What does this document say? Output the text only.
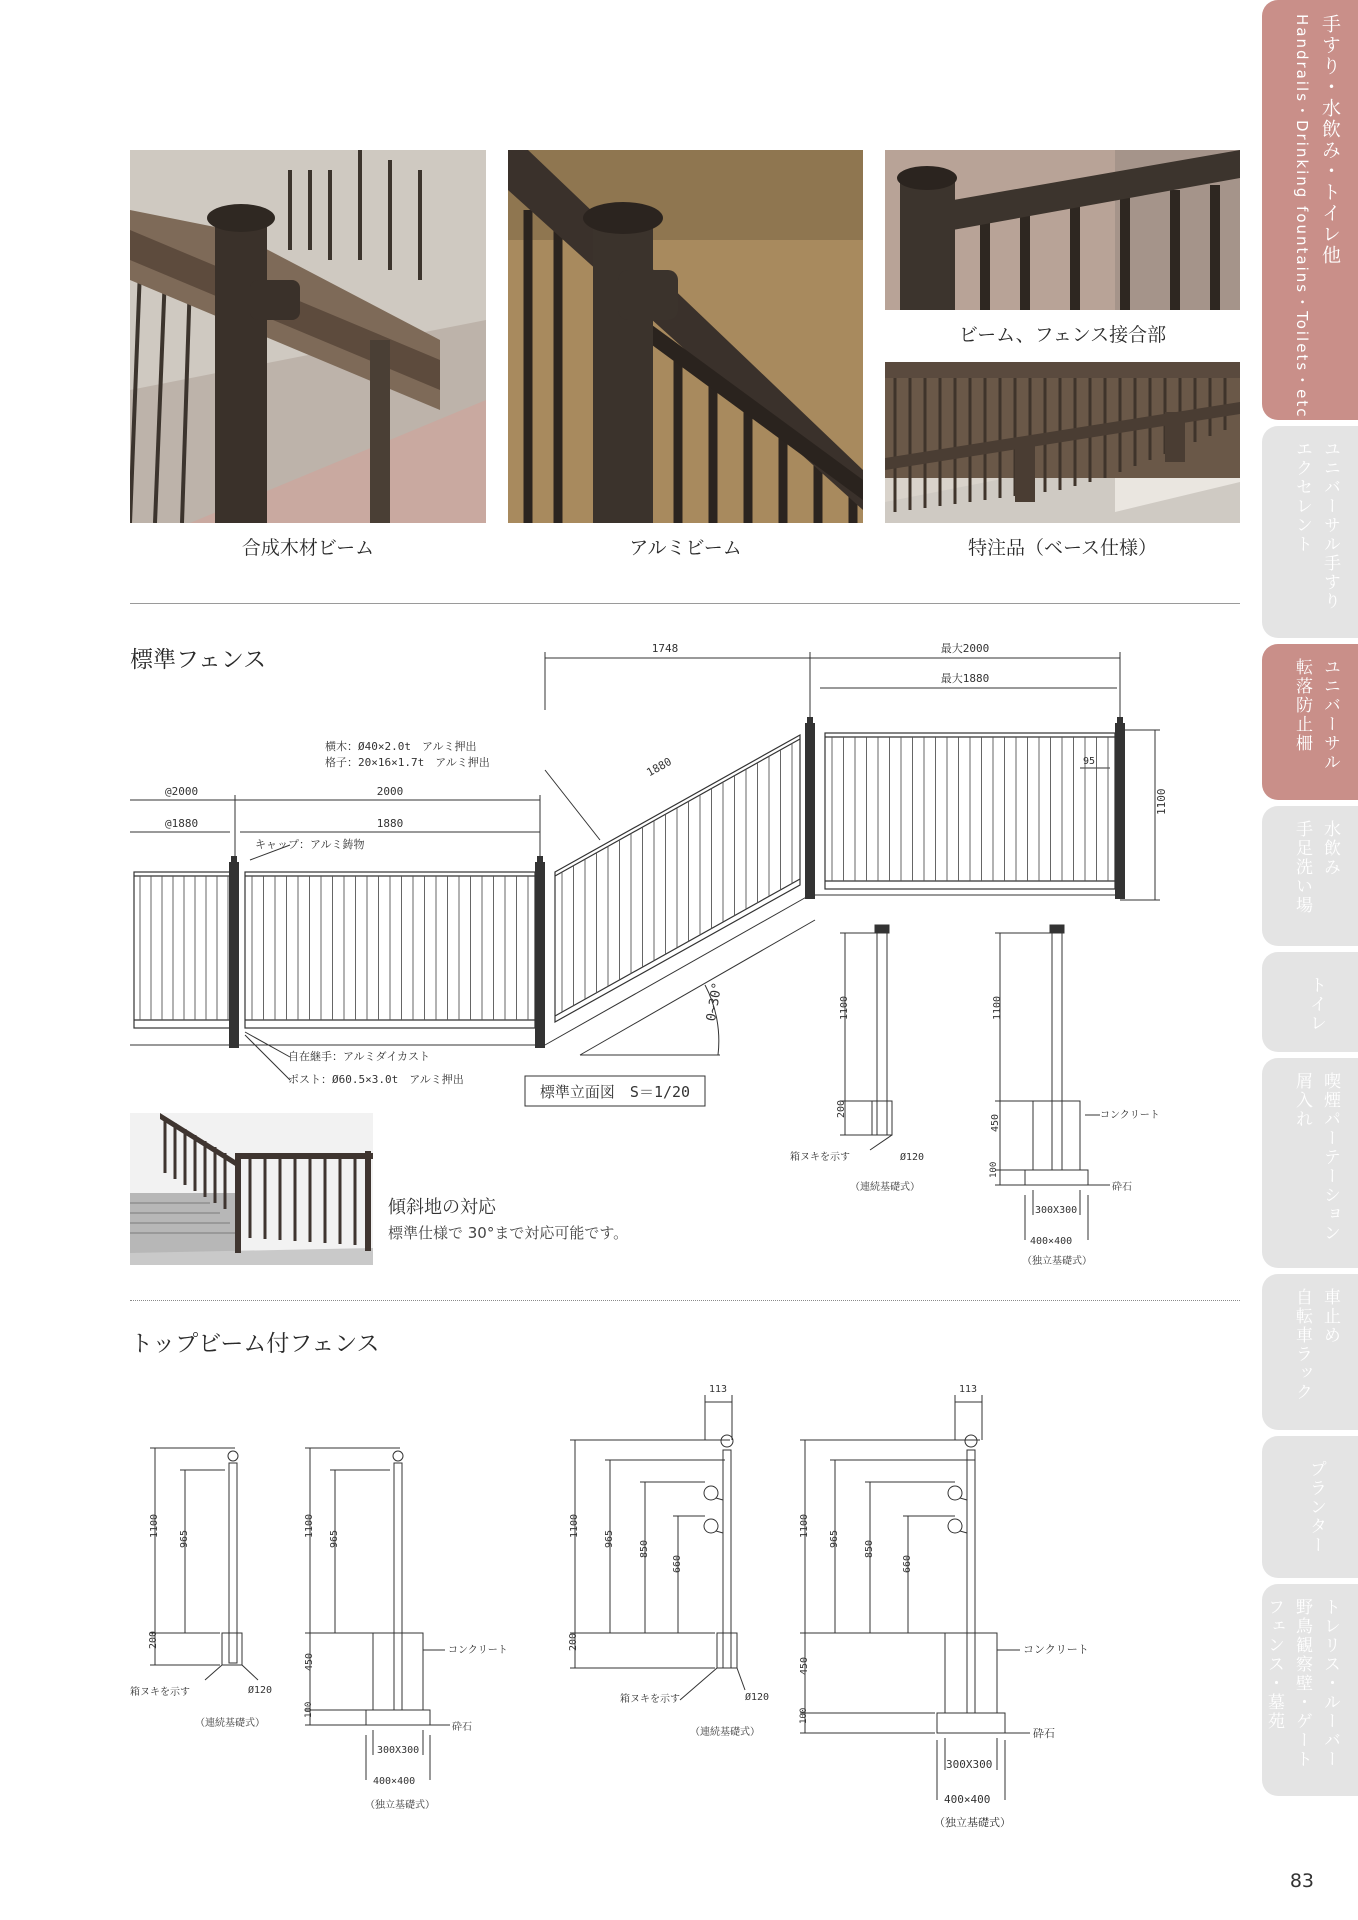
合成木材ビーム	アルミビーム
ビーム、フェンス接合部
特注品（ベース仕様）
標準フェンス	1748	最大2000
最大1880
横木：Ø40×2.0t　アルミ押出
格子：20×16×1.7t　アルミ押出	1880
@2000	2000
@1880	1880
キャップ：アルミ鋳物
95
1100
0~30°
自在継手：アルミダイカスト
ポスト：Ø60.5×3.0t　アルミ押出
標準立面図　S＝1/20
1100
200
箱ヌキを示す	Ø120
（連続基礎式）
1100
450
100
コンクリート
砕石
300X300
400×400
（独立基礎式）
傾斜地の対応
標準仕様で 30°まで対応可能です。
トップビーム付フェンス
1100
965
200
箱ヌキを示す	Ø120
（連続基礎式）
1100
965
450
100
コンクリート
砕石
300X300
400×400
（独立基礎式）
113
1100
965
850
660
200
箱ヌキを示す	Ø120
（連続基礎式）
113
1100
965
850
660
450
100
コンクリート
砕石
300X300
400×400
（独立基礎式）
手すり・水飲み・トイレ他
Handrails・Drinking fountains・Toilets・etc
ユニバーサル手すり
エクセレント
ユニバーサル
転落防止柵
水飲み
手足洗い場
トイレ
喫煙パーテーション
屑入れ
車止め
自転車ラック
プランター
トレリス・ルーバー
野鳥観察壁・ゲート
フェンス・墓苑
83
